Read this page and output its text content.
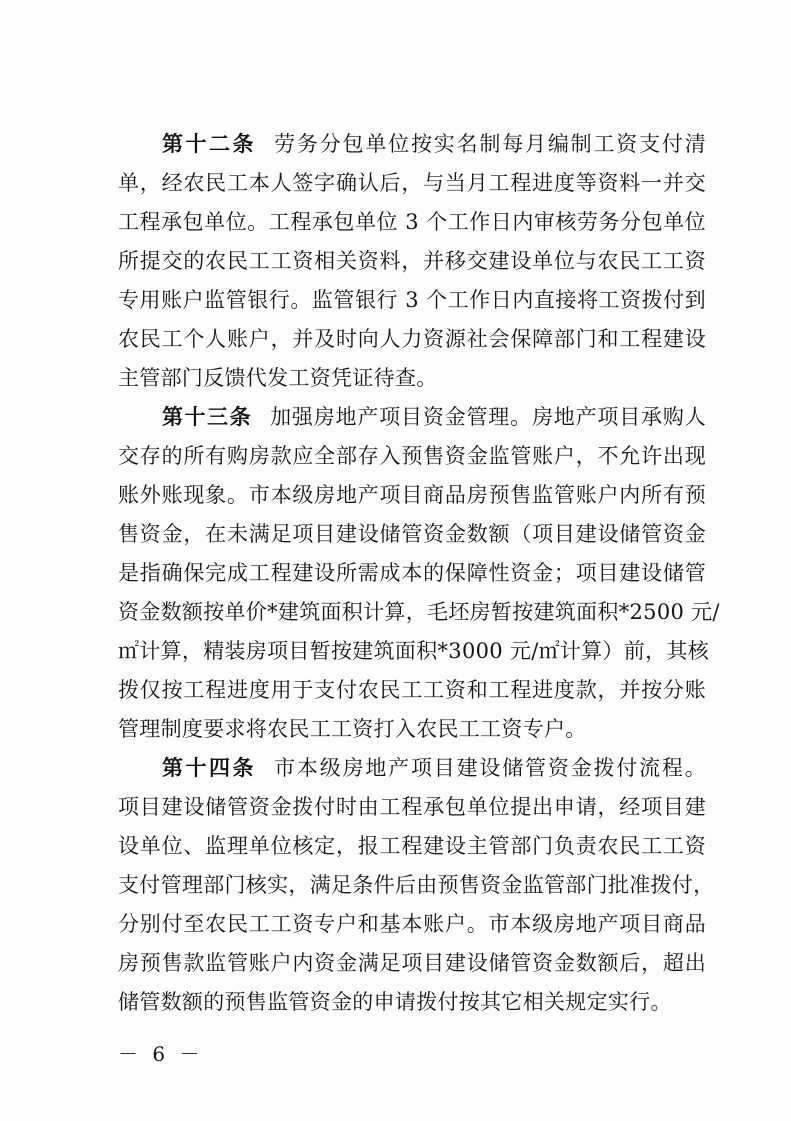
第十二条 劳务分包单位按实名制每月编制工资支付清
单，经农民工本人签字确认后，与当月工程进度等资料一并交
工程承包单位。工程承包单位 3 个工作日内审核劳务分包单位
所提交的农民工工资相关资料，并移交建设单位与农民工工资
专用账户监管银行。监管银行 3 个工作日内直接将工资拨付到
农民工个人账户，并及时向人力资源社会保障部门和工程建设
主管部门反馈代发工资凭证待查。
第十三条 加强房地产项目资金管理。房地产项目承购人
交存的所有购房款应全部存入预售资金监管账户，不允许出现
账外账现象。市本级房地产项目商品房预售监管账户内所有预
售资金，在未满足项目建设储管资金数额（项目建设储管资金
是指确保完成工程建设所需成本的保障性资金；项目建设储管
资金数额按单价*建筑面积计算，毛坯房暂按建筑面积*2500 元/
㎡计算，精装房项目暂按建筑面积*3000 元/㎡计算）前，其核
拨仅按工程进度用于支付农民工工资和工程进度款，并按分账
管理制度要求将农民工工资打入农民工工资专户。
第十四条 市本级房地产项目建设储管资金拨付流程。
项目建设储管资金拨付时由工程承包单位提出申请，经项目建
设单位、监理单位核定，报工程建设主管部门负责农民工工资
支付管理部门核实，满足条件后由预售资金监管部门批准拨付，
分别付至农民工工资专户和基本账户。市本级房地产项目商品
房预售款监管账户内资金满足项目建设储管资金数额后，超出
储管数额的预售监管资金的申请拨付按其它相关规定实行。
－ 6 －
